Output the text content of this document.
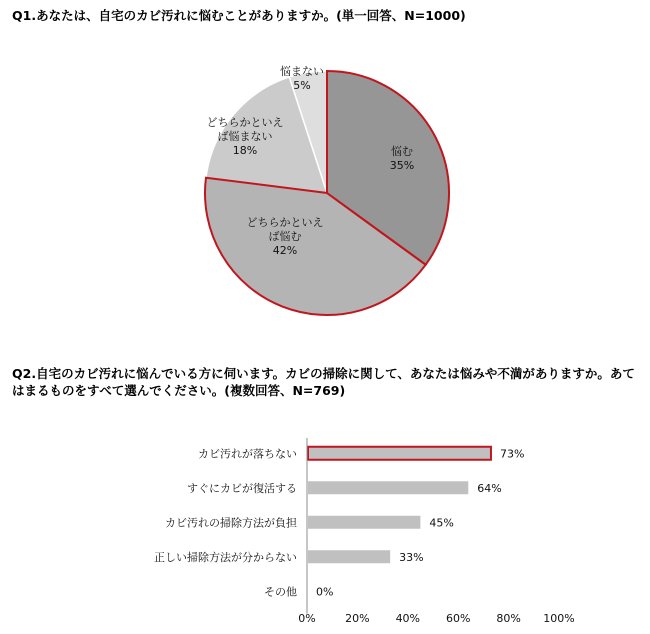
Q1.あなたは、自宅のカビ汚れに悩むことがありますか。(単一回答、N=1000)
悩む
35%
どちらかといえ
ば悩む
42%
どちらかといえ
ば悩まない
18%
悩まない
5%
Q2.自宅のカビ汚れに悩んでいる方に伺います。カビの掃除に関して、あなたは悩みや不満がありますか。あてはまるものをすべて選んでください。(複数回答、N=769)
カビ汚れが落ちない	73%
すぐにカビが復活する	64%
カビ汚れの掃除方法が負担	45%
正しい掃除方法が分からない	33%
その他 0%
0%	20% 40% 60% 80% 100%
